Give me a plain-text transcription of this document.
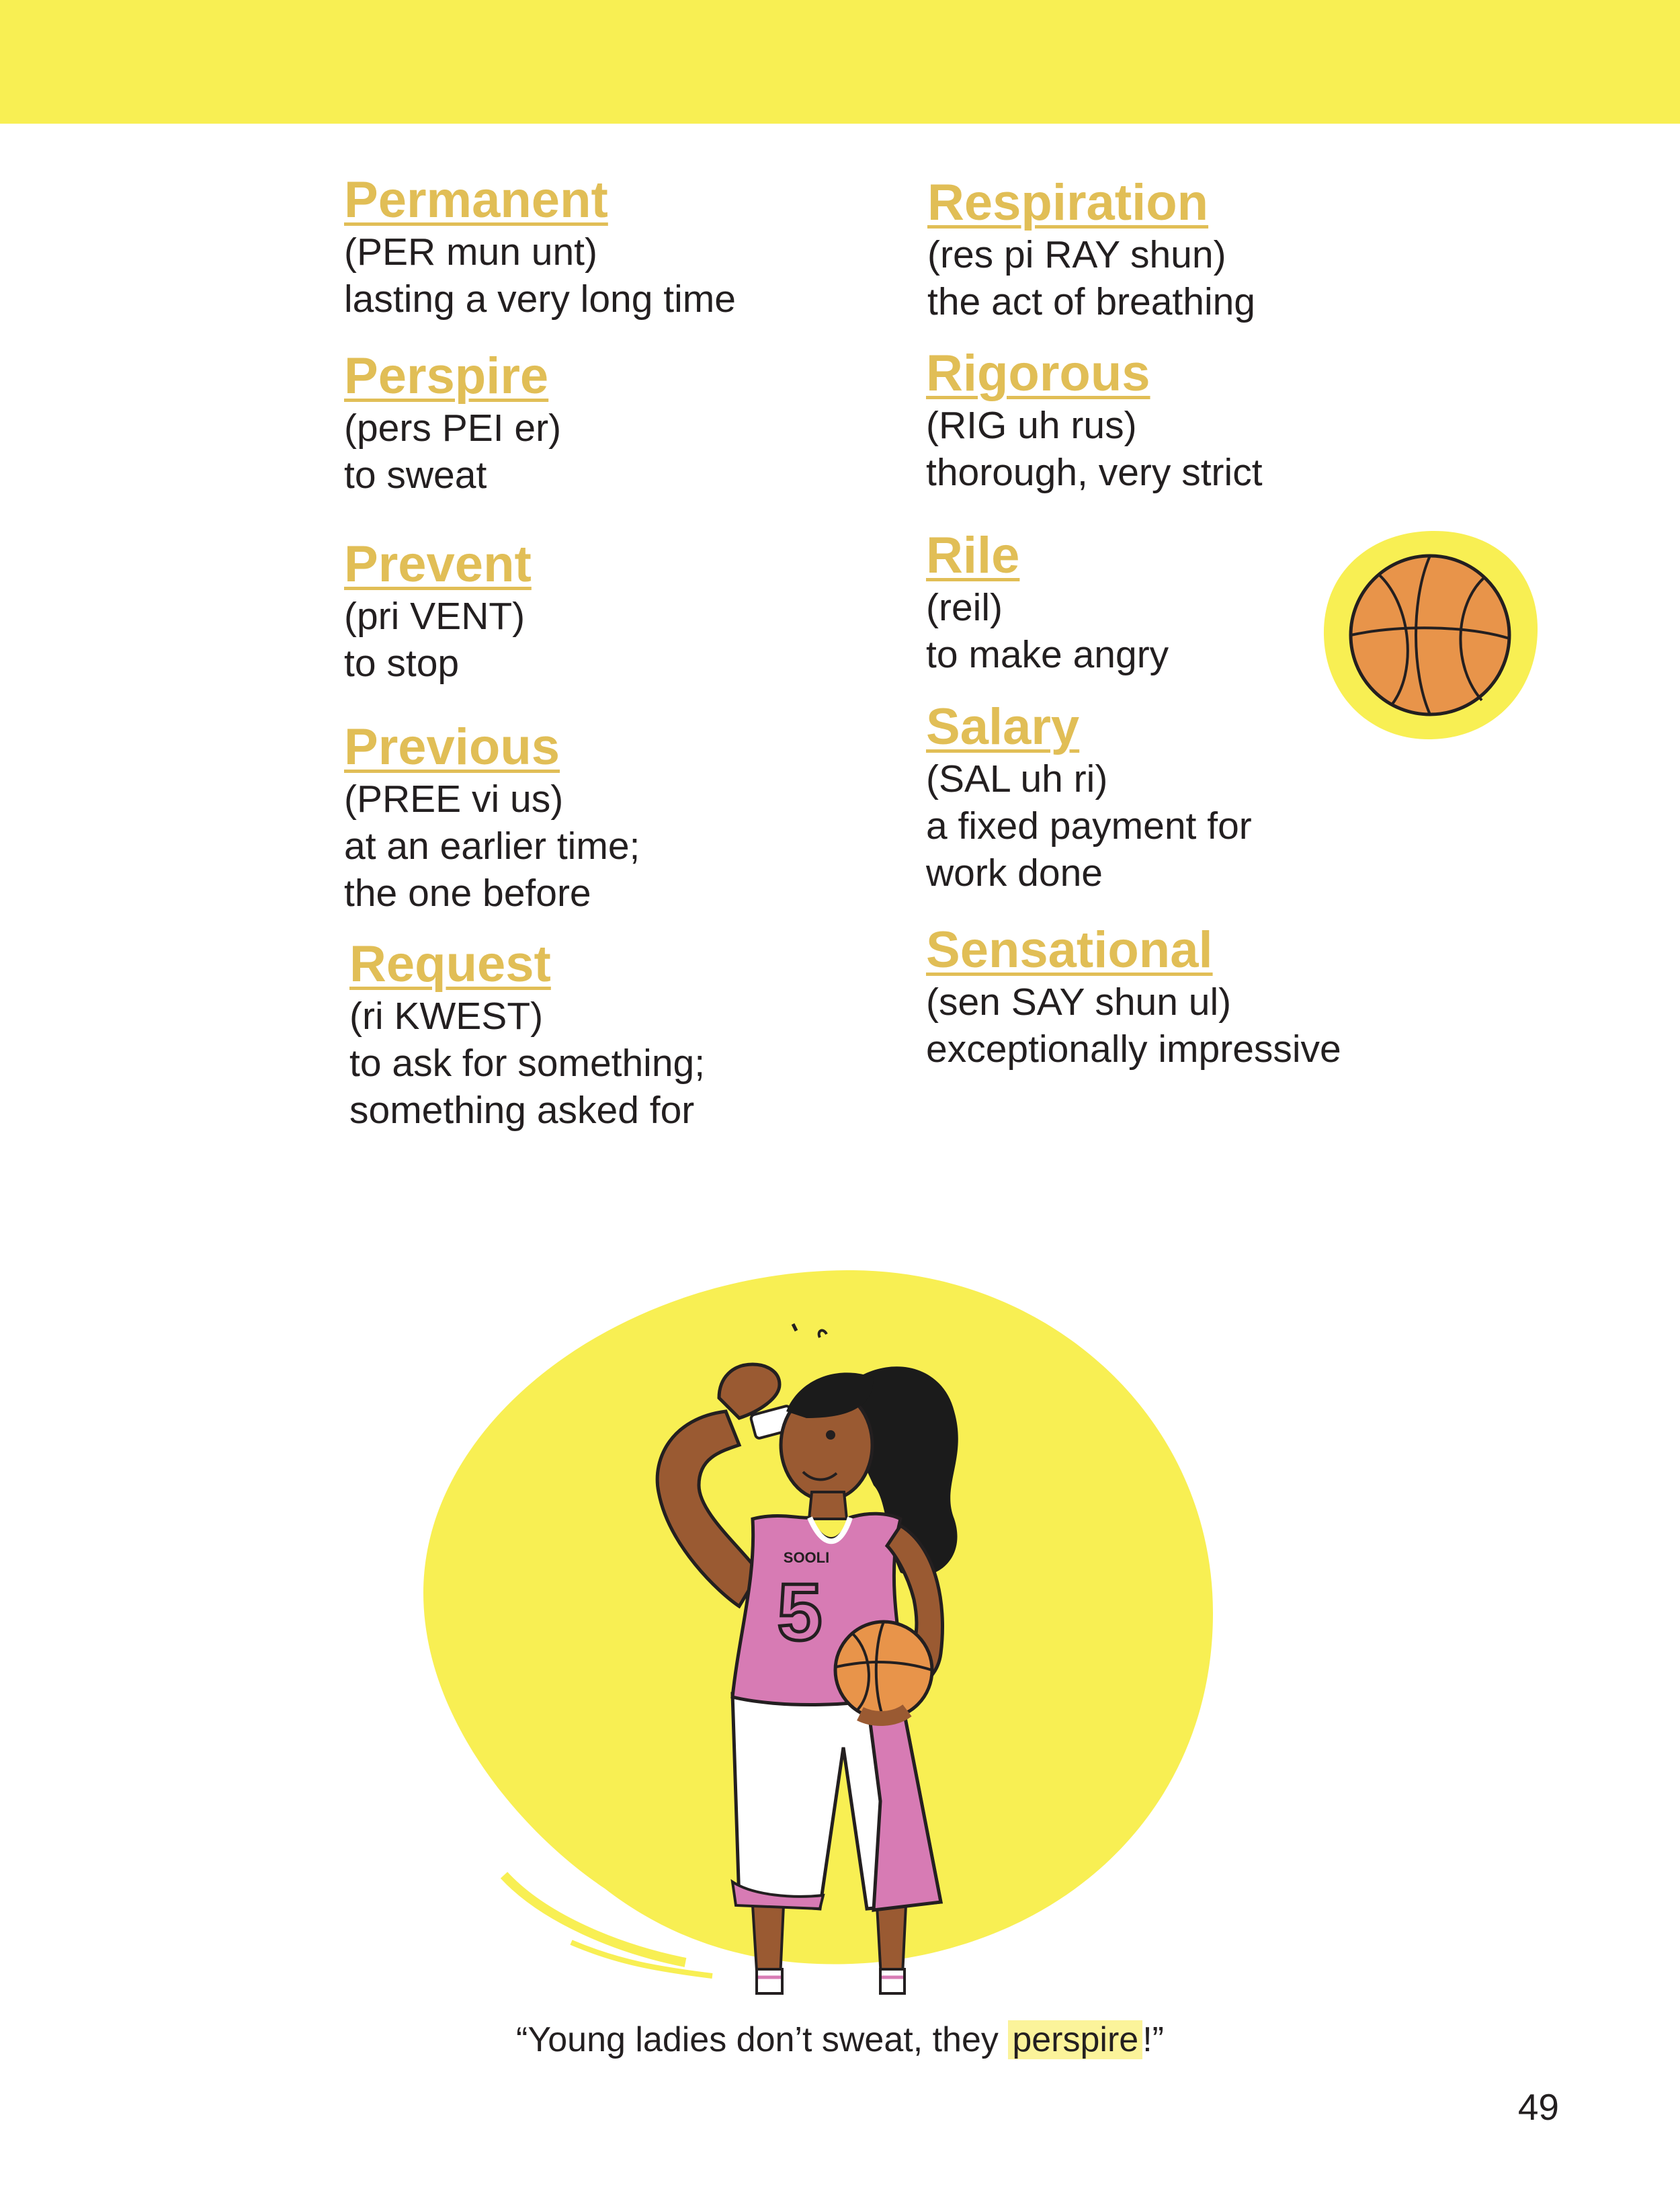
Permanent
(PER mun unt)
lasting a very long time
Perspire
(pers PEI er)
to sweat
Prevent
(pri VENT)
to stop
Previous
(PREE vi us)
at an earlier time;
the one before
Request
(ri KWEST)
to ask for something;
something asked for
Respiration
(res pi RAY shun)
the act of breathing
Rigorous
(RIG uh rus)
thorough, very strict
Rile
(reil)
to make angry
Salary
(SAL uh ri)
a fixed payment for
work done
Sensational
(sen SAY shun ul)
exceptionally impressive
SOOLI
5
“Young ladies don’t sweat, they perspire !”
49
